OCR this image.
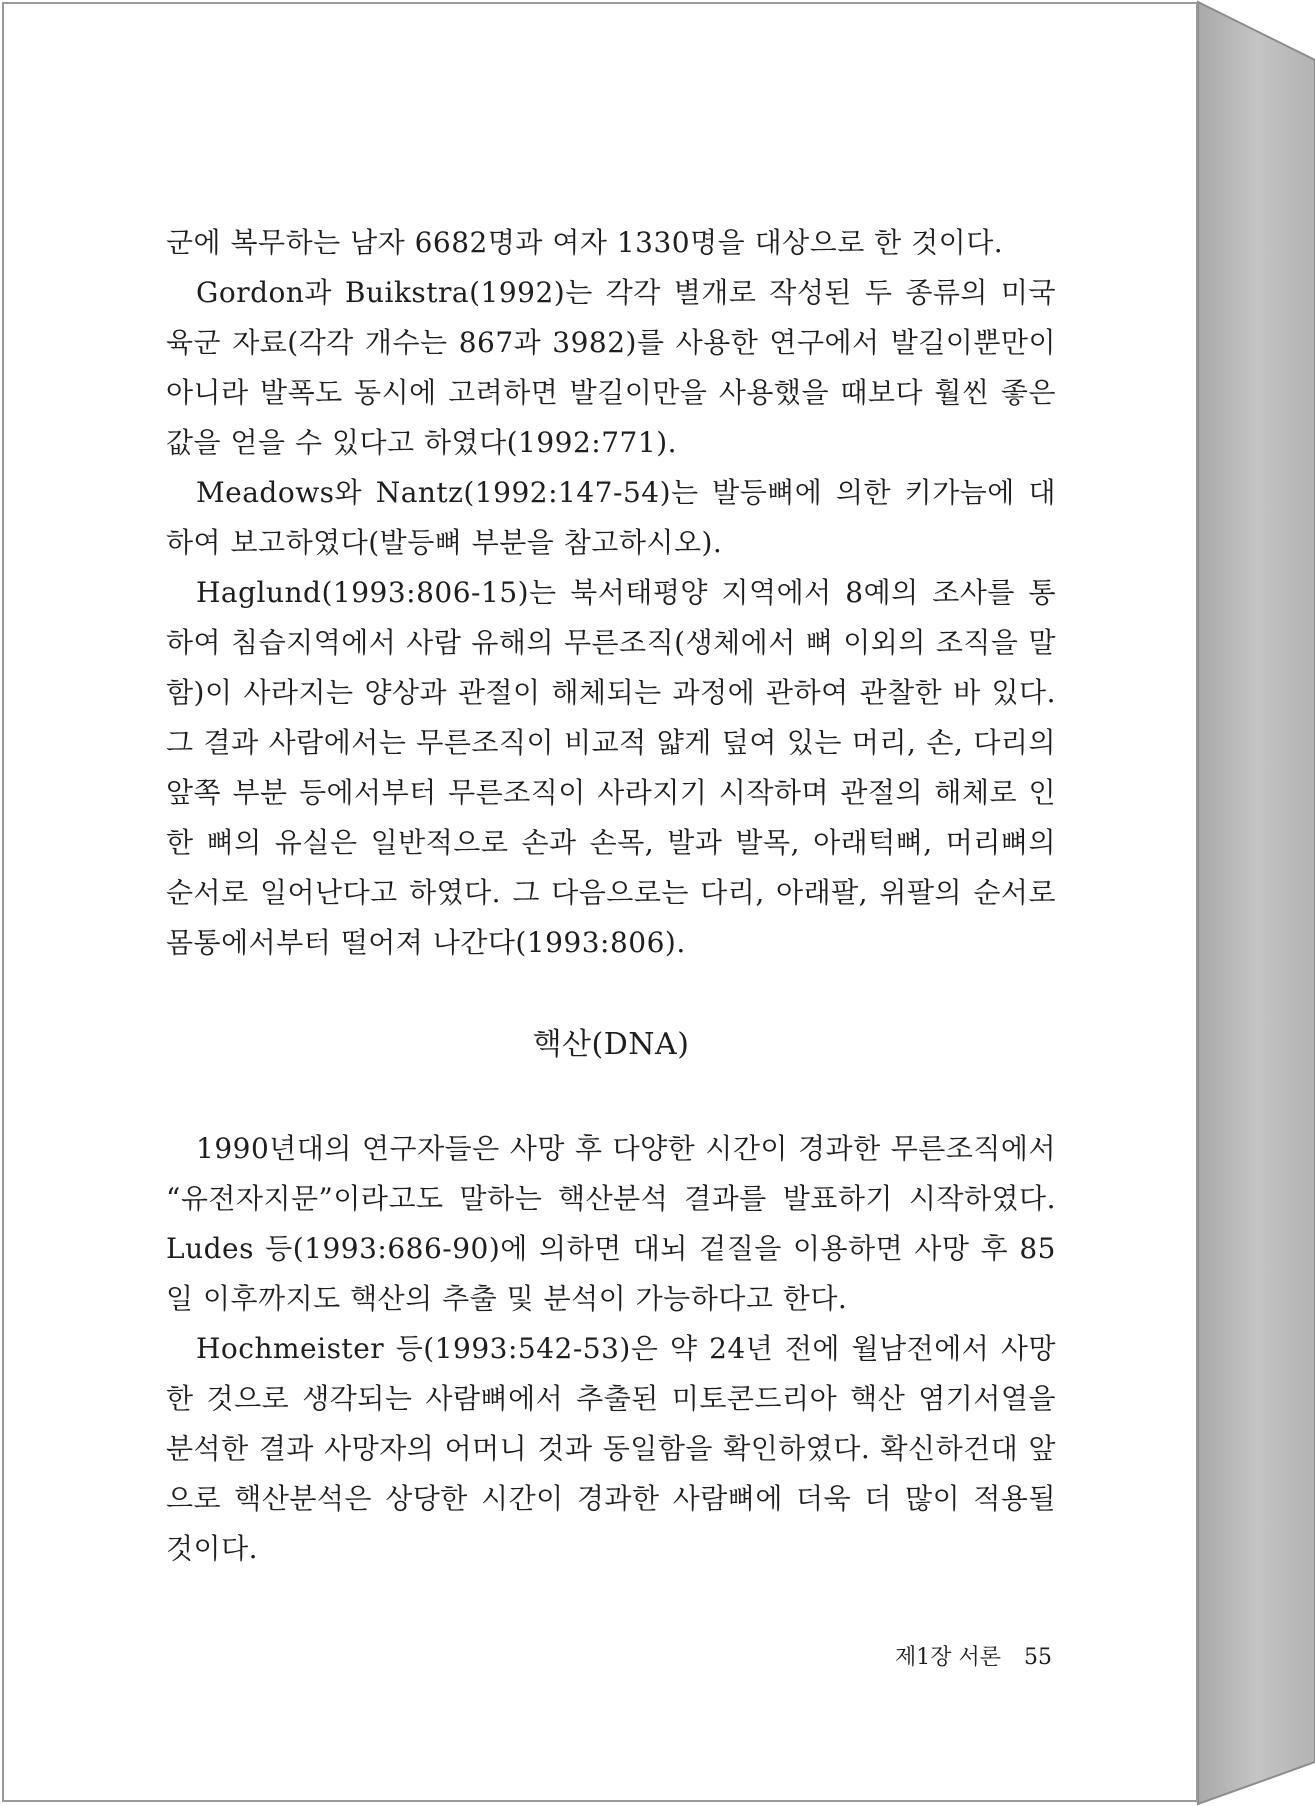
군에 복무하는 남자 6682명과 여자 1330명을 대상으로 한 것이다.

Gordon과 Buikstra(1992)는 각각 별개로 작성된 두 종류의 미국 육군 자료(각각 개수는 867과 3982)를 사용한 연구에서 발길이뿐만이 아니라 발폭도 동시에 고려하면 발길이만을 사용했을 때보다 훨씬 좋은 값을 얻을 수 있다고 하였다(1992:771).

Meadows와 Nantz(1992:147-54)는 발등뼈에 의한 키가늠에 대하여 보고하였다(발등뼈 부분을 참고하시오).

Haglund(1993:806-15)는 북서태평양 지역에서 8예의 조사를 통하여 침습지역에서 사람 유해의 무른조직(생체에서 뼈 이외의 조직을 말함)이 사라지는 양상과 관절이 해체되는 과정에 관하여 관찰한 바 있다. 그 결과 사람에서는 무른조직이 비교적 얇게 덮여 있는 머리, 손, 다리의 앞쪽 부분 등에서부터 무른조직이 사라지기 시작하며 관절의 해체로 인한 뼈의 유실은 일반적으로 손과 손목, 발과 발목, 아래턱뼈, 머리뼈의 순서로 일어난다고 하였다. 그 다음으로는 다리, 아래팔, 위팔의 순서로 몸통에서부터 떨어져 나간다(1993:806).

핵산(DNA)

1990년대의 연구자들은 사망 후 다양한 시간이 경과한 무른조직에서 “유전자지문”이라고도 말하는 핵산분석 결과를 발표하기 시작하였다. Ludes 등(1993:686-90)에 의하면 대뇌 겉질을 이용하면 사망 후 85일 이후까지도 핵산의 추출 및 분석이 가능하다고 한다.

Hochmeister 등(1993:542-53)은 약 24년 전에 월남전에서 사망한 것으로 생각되는 사람뼈에서 추출된 미토콘드리아 핵산 염기서열을 분석한 결과 사망자의 어머니 것과 동일함을 확인하였다. 확신하건대 앞으로 핵산분석은 상당한 시간이 경과한 사람뼈에 더욱 더 많이 적용될 것이다.

제1장 서론 55
